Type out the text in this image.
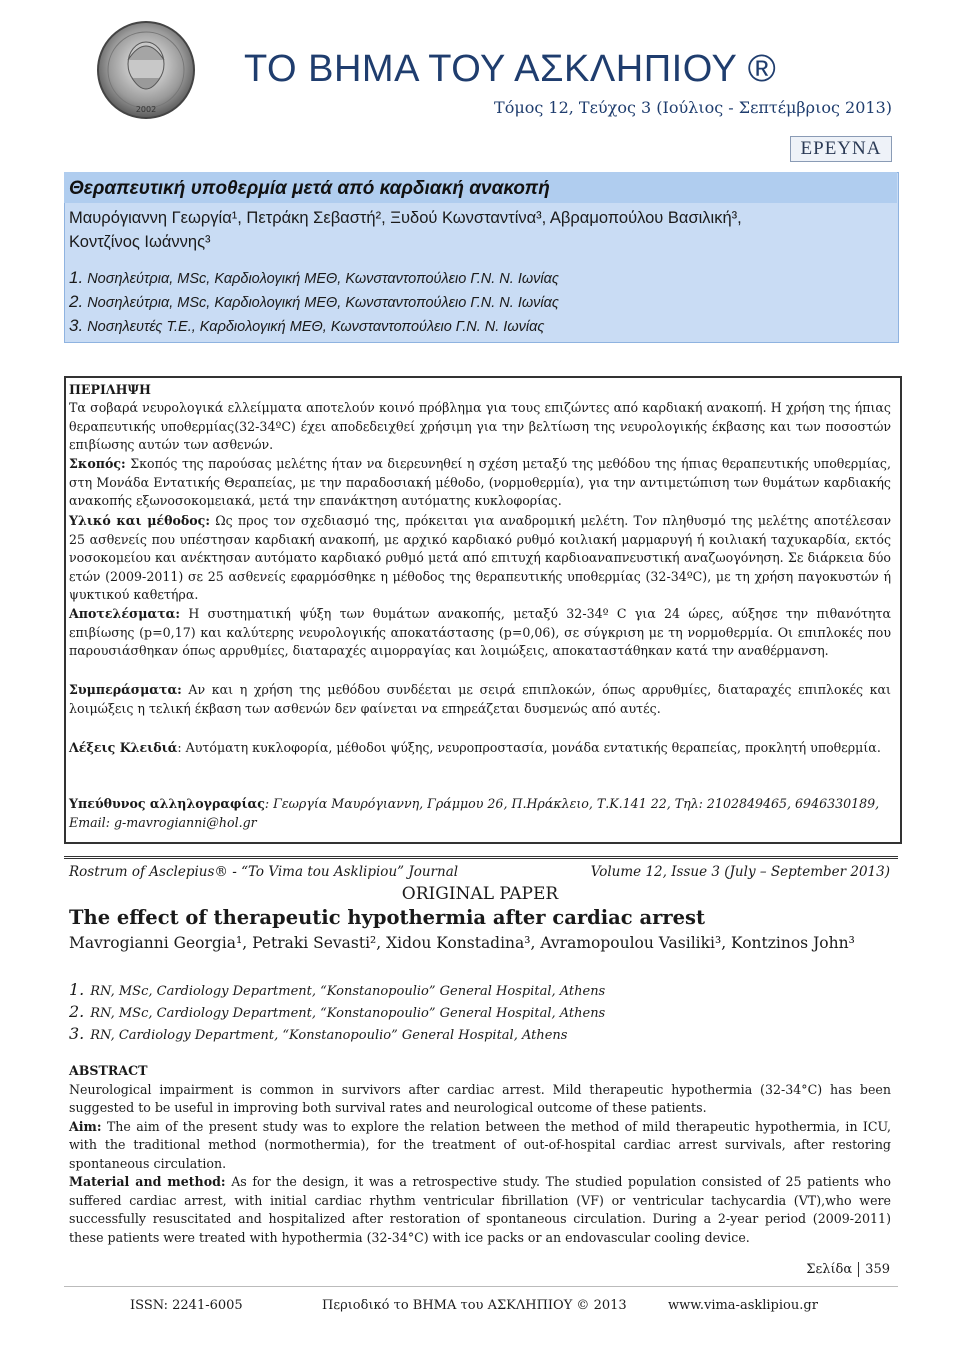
2002
ΤΟ ΒΗΜΑ ΤΟΥ ΑΣΚΛΗΠΙΟΥ ®
Τόμος 12, Τεύχος 3 (Ιούλιος - Σεπτέμβριος 2013)
ΕΡΕΥΝΑ
Θεραπευτική υποθερμία μετά από καρδιακή ανακοπή
Μαυρόγιαννη Γεωργία¹, Πετράκη Σεβαστή², Ξυδού Κωνσταντίνα³, Αβραμοπούλου Βασιλική³,
Κοντζίνος Ιωάννης³
1. Νοσηλεύτρια, MSc, Καρδιολογική ΜΕΘ, Κωνσταντοπούλειο Γ.Ν. Ν. Ιωνίας
2. Νοσηλεύτρια, MSc, Καρδιολογική ΜΕΘ, Κωνσταντοπούλειο Γ.Ν. Ν. Ιωνίας
3. Νοσηλευτές Τ.Ε., Καρδιολογική ΜΕΘ, Κωνσταντοπούλειο Γ.Ν. Ν. Ιωνίας
ΠΕΡΙΛΗΨΗ
Τα σοβαρά νευρολογικά ελλείμματα αποτελούν κοινό πρόβλημα για τους επιζώντες από καρδιακή ανακοπή. Η χρήση της ήπιας θεραπευτικής υποθερμίας(32-34ºC) έχει αποδεδειχθεί χρήσιμη για την βελτίωση της νευρολογικής έκβασης και των ποσοστών επιβίωσης αυτών των ασθενών.
Σκοπός: Σκοπός της παρούσας μελέτης ήταν να διερευνηθεί η σχέση μεταξύ της μεθόδου της ήπιας θεραπευτικής υποθερμίας, στη Μονάδα Εντατικής Θεραπείας, με την παραδοσιακή μέθοδο, (νορμοθερμία), για την αντιμετώπιση των θυμάτων καρδιακής ανακοπής εξωνοσοκομειακά, μετά την επανάκτηση αυτόματης κυκλοφορίας.
Υλικό και μέθοδος: Ως προς τον σχεδιασμό της, πρόκειται για αναδρομική μελέτη. Τον πληθυσμό της μελέτης αποτέλεσαν 25 ασθενείς που υπέστησαν καρδιακή ανακοπή, με αρχικό καρδιακό ρυθμό κοιλιακή μαρμαρυγή ή κοιλιακή ταχυκαρδία, εκτός νοσοκομείου και ανέκτησαν αυτόματο καρδιακό ρυθμό μετά από επιτυχή καρδιοαναπνευστική αναζωογόνηση. Σε διάρκεια δύο ετών (2009-2011) σε 25 ασθενείς εφαρμόσθηκε η μέθοδος της θεραπευτικής υποθερμίας (32-34ºC), με τη χρήση παγοκυστών ή ψυκτικού καθετήρα.
Αποτελέσματα: Η συστηματική ψύξη των θυμάτων ανακοπής, μεταξύ 32-34º C για 24 ώρες, αύξησε την πιθανότητα επιβίωσης (p=0,17) και καλύτερης νευρολογικής αποκατάστασης (p=0,06), σε σύγκριση με τη νορμοθερμία. Οι επιπλοκές που παρουσιάσθηκαν όπως αρρυθμίες, διαταραχές αιμορραγίας και λοιμώξεις, αποκαταστάθηκαν κατά την αναθέρμανση.
Συμπεράσματα: Αν και η χρήση της μεθόδου συνδέεται με σειρά επιπλοκών, όπως αρρυθμίες, διαταραχές επιπλοκές και λοιμώξεις η τελική έκβαση των ασθενών δεν φαίνεται να επηρεάζεται δυσμενώς από αυτές.
Λέξεις Κλειδιά: Αυτόματη κυκλοφορία, μέθοδοι ψύξης, νευροπροστασία, μονάδα εντατικής θεραπείας, προκλητή υποθερμία.
Υπεύθυνος αλληλογραφίας: Γεωργία Μαυρόγιαννη, Γράμμου 26, Π.Ηράκλειο, Τ.Κ.141 22, Τηλ: 2102849465, 6946330189, Email: g-mavrogianni@hol.gr
Rostrum of Asclepius® - “To Vima tou Asklipiou” Journal	Volume 12, Issue 3 (July – September 2013)
ORIGINAL PAPER
The effect of therapeutic hypothermia after cardiac arrest
Mavrogianni Georgia¹, Petraki Sevasti², Xidou Konstadina³, Avramopoulou Vasiliki³, Kontzinos John³
1. RN, MSc, Cardiology Department, “Konstanopoulio” General Hospital, Athens
2. RN, MSc, Cardiology Department, “Konstanopoulio” General Hospital, Athens
3. RN, Cardiology Department, “Konstanopoulio” General Hospital, Athens
ABSTRACT
Neurological impairment is common in survivors after cardiac arrest. Mild therapeutic hypothermia (32-34°C) has been suggested to be useful in improving both survival rates and neurological outcome of these patients.
Aim: The aim of the present study was to explore the relation between the method of mild therapeutic hypothermia, in ICU, with the traditional method (normothermia), for the treatment of out-of-hospital cardiac arrest survivals, after restoring spontaneous circulation.
Material and method: As for the design, it was a retrospective study. The studied population consisted of 25 patients who suffered cardiac arrest, with initial cardiac rhythm ventricular fibrillation (VF) or ventricular tachycardia (VT),who were successfully resuscitated and hospitalized after restoration of spontaneous circulation. During a 2-year period (2009-2011) these patients were treated with hypothermia (32-34°C) with ice packs or an endovascular cooling device.
Σελίδα 359
ISSN: 2241-6005	Περιοδικό το ΒΗΜΑ του ΑΣΚΛΗΠΙΟΥ © 2013	www.vima-asklipiou.gr
